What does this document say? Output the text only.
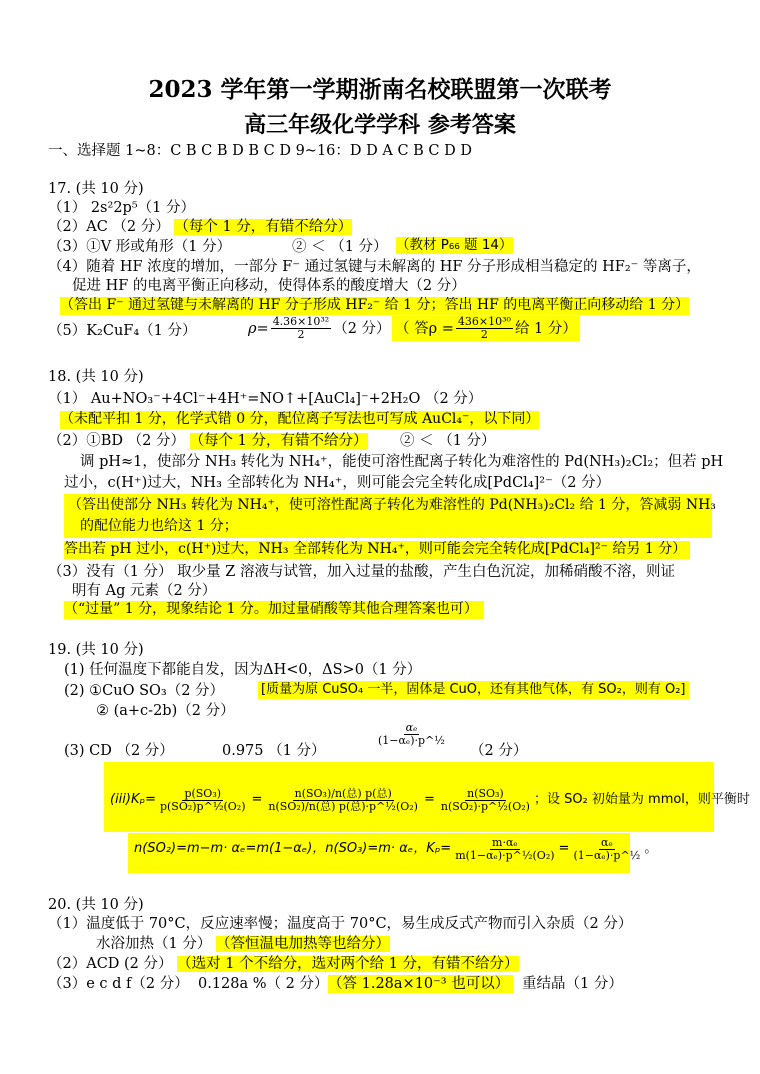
2023 学年第一学期浙南名校联盟第一次联考
高三年级化学学科 参考答案
一、选择题 1~8：C B C B D B C D 9~16：D D A C B C D D
17. (共 10 分)
（1） 2s²2p⁵（1 分）
（2）AC （2 分） （每个 1 分，有错不给分）
（3）①V 形或角形（1 分）	② ＜ （1 分） （教材 P₆₆ 题 14）
（4）随着 HF 浓度的增加，一部分 F⁻ 通过氢键与未解离的 HF 分子形成相当稳定的 HF₂⁻ 等离子，
促进 HF 的电离平衡正向移动，使得体系的酸度增大（2 分）
（答出 F⁻ 通过氢键与未解离的 HF 分子形成 HF₂⁻ 给 1 分；答出 HF 的电离平衡正向移动给 1 分）
（5）K₂CuF₄（1 分）	$\rho= \frac{\text{4.36×10³²}}{2} (2$ 分） （ 答$\rho = \frac{\text{436×10³⁰}}{2}$ 给 1 分）
18. (共 10 分)
（1） Au+NO₃⁻+4Cl⁻+4H⁺=NO↑+[AuCl₄]⁻+2H₂O （2 分）
（未配平扣 1 分，化学式错 0 分，配位离子写法也可写成 AuCl₄⁻，以下同）
（2）①BD （2 分） （每个 1 分，有错不给分） ② ＜ （1 分）
调 pH≈1，使部分 NH₃ 转化为 NH₄⁺，能使可溶性配离子转化为难溶性的 Pd(NH₃)₂Cl₂；但若 pH
过小，c(H⁺)过大，NH₃ 全部转化为 NH₄⁺，则可能会完全转化成[PdCl₄]²⁻（2 分）
（答出使部分 NH₃ 转化为 NH₄⁺，使可溶性配离子转化为难溶性的 Pd(NH₃)₂Cl₂ 给 1 分，答减弱 NH₃
的配位能力也给这 1 分；
答出若 pH 过小，c(H⁺)过大，NH₃ 全部转化为 NH₄⁺，则可能会完全转化成[PdCl₄]²⁻ 给另 1 分）
（3）没有（1 分） 取少量 Z 溶液与试管，加入过量的盐酸，产生白色沉淀，加稀硝酸不溶，则证
明有 Ag 元素（2 分）
（“过量” 1 分，现象结论 1 分。加过量硝酸等其他合理答案也可）
19. (共 10 分)
(1) 任何温度下都能自发，因为ΔH<0，ΔS>0（1 分）
(2) ①CuO SO₃（2 分）	[质量为原 CuSO₄ 一半，固体是 CuO，还有其他气体，有 SO₂，则有 O₂]
② (a+c-2b)（2 分）
(3) CD （2 分）	0.975 （1 分）
$\frac{\text{αₑ}}{\text{(1−αₑ)·p\textasciicircum{}½}}$
（2 分）
$(iii)K_p= \frac{\text{p(SO₃)}}{\text{p(SO₂)p\textasciicircum{}½(O₂)}} = \frac{\text{n(SO₃)/n(总) p(总)}}{\text{n(SO₂)/n(总) p(总)·p\textasciicircum{}½(O₂)}} = \frac{\text{n(SO₃)}}{\text{n(SO₂)·p\textasciicircum{}½(O₂)}}$ ；设 SO₂ 初始量为 mmol，则平衡时
n(SO₂)=m−m· αₑ=m(1−αₑ)，n(SO₃)=m· αₑ，$K_p= \frac{\text{m·αₑ}}{\text{m(1−αₑ)·p\textasciicircum{}½(O₂)}} = \frac{\text{αₑ}}{\text{(1−αₑ)·p\textasciicircum{}½}}$ 。
20. (共 10 分)
（1）温度低于 70°C，反应速率慢；温度高于 70°C，易生成反式产物而引入杂质（2 分）
水浴加热（1 分） （答恒温电加热等也给分）
（2）ACD (2 分） （选对 1 个不给分，选对两个给 1 分，有错不给分）
（3）e c d f（2 分） 0.128a %（ 2 分） （答 1.28a×10⁻³ 也可以） 重结晶（1 分）
